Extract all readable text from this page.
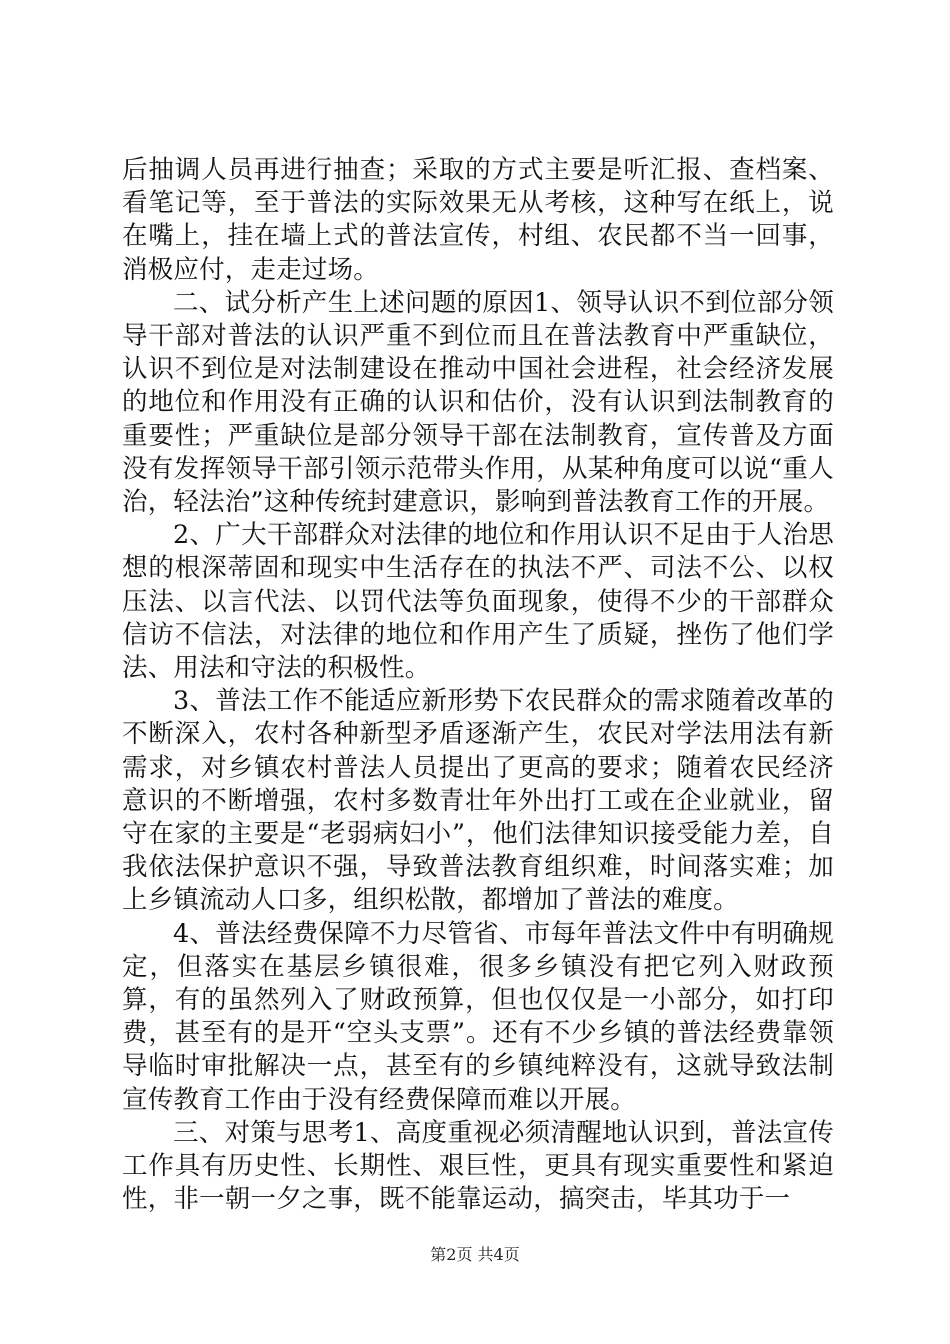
后抽调人员再进行抽查；采取的方式主要是听汇报、查档案、看笔记等，至于普法的实际效果无从考核，这种写在纸上，说在嘴上，挂在墙上式的普法宣传，村组、农民都不当一回事，消极应付，走走过场。

二、试分析产生上述问题的原因1、领导认识不到位部分领导干部对普法的认识严重不到位而且在普法教育中严重缺位，认识不到位是对法制建设在推动中国社会进程，社会经济发展的地位和作用没有正确的认识和估价，没有认识到法制教育的重要性；严重缺位是部分领导干部在法制教育，宣传普及方面没有发挥领导干部引领示范带头作用，从某种角度可以说“重人治，轻法治”这种传统封建意识，影响到普法教育工作的开展。

2、广大干部群众对法律的地位和作用认识不足由于人治思想的根深蒂固和现实中生活存在的执法不严、司法不公、以权压法、以言代法、以罚代法等负面现象，使得不少的干部群众信访不信法，对法律的地位和作用产生了质疑，挫伤了他们学法、用法和守法的积极性。

3、普法工作不能适应新形势下农民群众的需求随着改革的不断深入，农村各种新型矛盾逐渐产生，农民对学法用法有新需求，对乡镇农村普法人员提出了更高的要求；随着农民经济意识的不断增强，农村多数青壮年外出打工或在企业就业，留守在家的主要是“老弱病妇小”，他们法律知识接受能力差，自我依法保护意识不强，导致普法教育组织难，时间落实难；加上乡镇流动人口多，组织松散，都增加了普法的难度。

4、普法经费保障不力尽管省、市每年普法文件中有明确规定，但落实在基层乡镇很难，很多乡镇没有把它列入财政预算，有的虽然列入了财政预算，但也仅仅是一小部分，如打印费，甚至有的是开“空头支票”。还有不少乡镇的普法经费靠领导临时审批解决一点，甚至有的乡镇纯粹没有，这就导致法制宣传教育工作由于没有经费保障而难以开展。

三、对策与思考1、高度重视必须清醒地认识到，普法宣传工作具有历史性、长期性、艰巨性，更具有现实重要性和紧迫性，非一朝一夕之事，既不能靠运动，搞突击，毕其功于一

第2页 共4页
